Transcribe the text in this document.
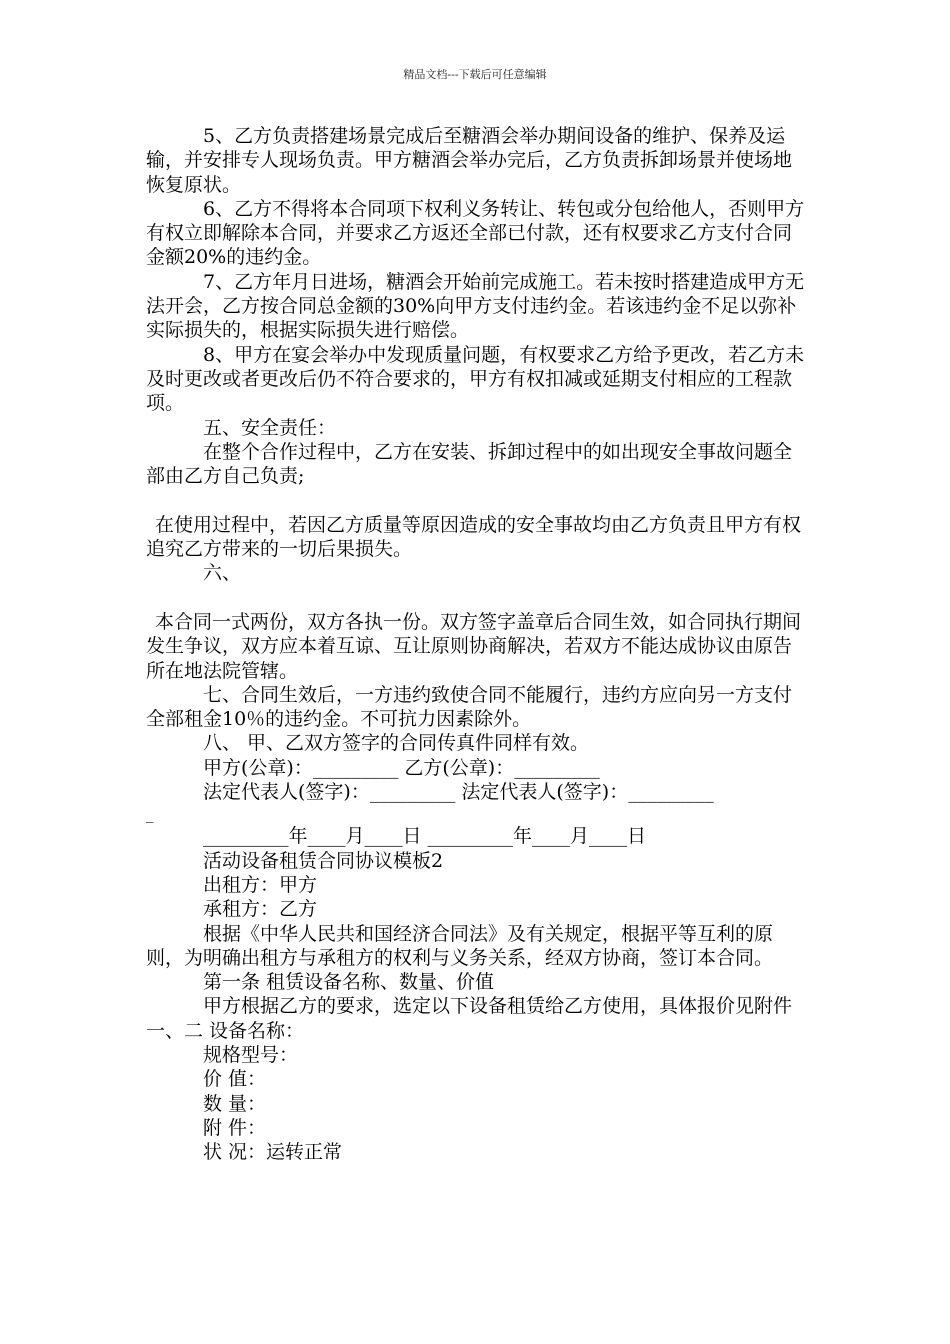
精品文档---下载后可任意编辑

5、乙方负责搭建场景完成后至糖酒会举办期间设备的维护、保养及运输，并安排专人现场负责。甲方糖酒会举办完后，乙方负责拆卸场景并使场地恢复原状。

6、乙方不得将本合同项下权利义务转让、转包或分包给他人，否则甲方有权立即解除本合同，并要求乙方返还全部已付款，还有权要求乙方支付合同金额20%的违约金。

7、乙方年月日进场，糖酒会开始前完成施工。若未按时搭建造成甲方无法开会，乙方按合同总金额的30%向甲方支付违约金。若该违约金不足以弥补实际损失的，根据实际损失进行赔偿。

8、甲方在宴会举办中发现质量问题，有权要求乙方给予更改，若乙方未及时更改或者更改后仍不符合要求的，甲方有权扣减或延期支付相应的工程款项。

五、安全责任：

在整个合作过程中，乙方在安装、拆卸过程中的如出现安全事故问题全部由乙方自己负责;

在使用过程中，若因乙方质量等原因造成的安全事故均由乙方负责且甲方有权追究乙方带来的一切后果损失。

六、

本合同一式两份，双方各执一份。双方签字盖章后合同生效，如合同执行期间发生争议，双方应本着互谅、互让原则协商解决，若双方不能达成协议由原告所在地法院管辖。

七、合同生效后，一方违约致使合同不能履行，违约方应向另一方支付全部租金10％的违约金。不可抗力因素除外。

八、 甲、乙双方签字的合同传真件同样有效。

甲方(公章)：_________ 乙方(公章)：_________

法定代表人(签字)：_________ 法定代表人(签字)：_________

_

_________年____月____日 _________年____月____日

活动设备租赁合同协议模板2

出租方：甲方

承租方：乙方

根据《中华人民共和国经济合同法》及有关规定，根据平等互利的原则，为明确出租方与承租方的权利与义务关系，经双方协商，签订本合同。

第一条 租赁设备名称、数量、价值

甲方根据乙方的要求，选定以下设备租赁给乙方使用，具体报价见附件一、二 设备名称：

规格型号：

价 值：

数 量：

附 件：

状 况：运转正常
